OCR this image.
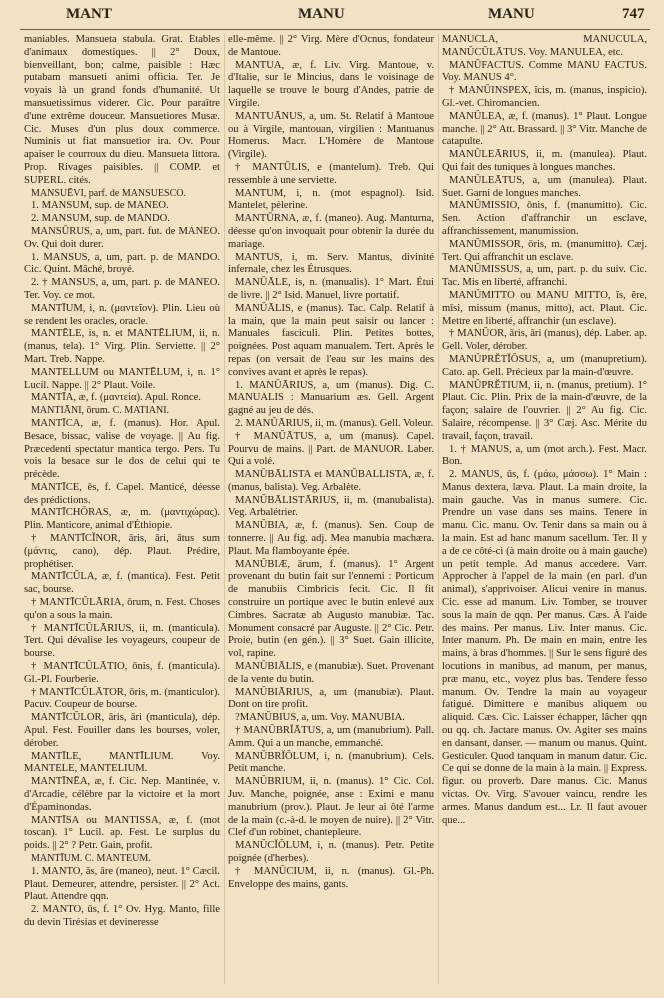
MANT	MANU	MANU	747

maniables. Mansueta stabula. Grat. Étables d'animaux domestiques. || 2° Doux, bienveillant, bon; calme, paisible : Hæc putabam mansueti animi officia. Ter. Je voyais là un grand fonds d'humanité. Ut mansuetissimus viderer. Cic. Pour paraître d'une extrême douceur. Mansuetiores Musæ. Cic. Muses d'un plus doux commerce. Numinis ut fiat mansuetior ira. Ov. Pour apaiser le courroux du dieu. Mansueta littora. Prop. Rivages paisibles. || COMP. et SUPERL. cités.

MANSUĒVI, parf. de MANSUESCO.

1. MANSUM, sup. de MANEO.

2. MANSUM, sup. de MANDO.

MANSŪRUS, a, um, part. fut. de MANEO. Ov. Qui doit durer.

1. MANSUS, a, um, part. p. de MANDO. Cic. Quint. Mâché, broyé.

2. † MANSUS, a, um, part. p. de MANEO. Ter. Voy. ce mot.

MANTĪUM, i, n. (μαντεῖον). Plin. Lieu où se rendent les oracles, oracle.

MANTĒLE, is, n. et MANTĒLIUM, ii, n. (manus, tela). 1° Virg. Plin. Serviette. || 2° Mart. Treb. Nappe.

MANTELLUM ou MANTĒLUM, i, n. 1° Lucil. Nappe. || 2° Plaut. Voile.

MANTĪA, æ, f. (μαντεία). Apul. Ronce.

MANTIĀNI, ōrum. C. MATIANI.

MANTĪCA, æ, f. (manus). Hor. Apul. Besace, bissac, valise de voyage. || Au fig. Præcedenti spectatur mantica tergo. Pers. Tu vois la besace sur le dos de celui qui te précède.

MANTĪCE, ēs, f. Capel. Manticé, déesse des prédictions.

MANTĪCHŌRAS, æ, m. (μαντιχώρας). Plin. Manticore, animal d'Éthiopie.

† MANTĪCĬNOR, āris, āri, ātus sum (μάντις, cano), dép. Plaut. Prédire, prophétiser.

MANTĪCŬLA, æ, f. (mantica). Fest. Petit sac, bourse.

† MANTĪCŬLĀRIA, ōrum, n. Fest. Choses qu'on a sous la main.

† MANTĪCŬLĀRIUS, ii, m. (manticula). Tert. Qui dévalise les voyageurs, coupeur de bourse.

† MANTĪCŬLĀTIO, ōnis, f. (manticula). Gl.-Pl. Fourberie.

† MANTĪCŬLĀTOR, ōris, m. (manticulor). Pacuv. Coupeur de bourse.

MANTĪCŬLOR, āris, āri (manticula), dép. Apul. Fest. Fouiller dans les bourses, voler, dérober.

MANTĪLE, MANTĪLIUM. Voy. MANTELE, MANTELIUM.

MANTĪNĒA, æ, f. Cic. Nep. Mantinée, v. d'Arcadie, célèbre par la victoire et la mort d'Épaminondas.

MANTĪSA ou MANTISSA, æ, f. (mot toscan). 1° Lucil. ap. Fest. Le surplus du poids. || 2° ? Petr. Gain, profit.

MANTĪUM. C. MANTEUM.

1. MANTO, ās, āre (maneo), neut. 1° Cæcil. Plaut. Demeurer, attendre, persister. || 2° Act. Plaut. Attendre qqn.

2. MANTO, ūs, f. 1° Ov. Hyg. Manto, fille du devin Tirésias et devineresse

elle-même. || 2° Virg. Mère d'Ocnus, fondateur de Mantoue.

MANTUA, æ, f. Liv. Virg. Mantoue, v. d'Italie, sur le Mincius, dans le voisinage de laquelle se trouve le bourg d'Andes, patrie de Virgile.

MANTUĀNUS, a, um. St. Relatif à Mantoue ou à Virgile, mantouan, virgilien : Mantuanus Homerus. Macr. L'Homère de Mantoue (Virgile).

† MANTŪLIS, e (mantelum). Treb. Qui ressemble à une serviette.

MANTUM, i, n. (mot espagnol). Isid. Mantelet, pèlerine.

MANTŪRNA, æ, f. (maneo). Aug. Manturna, déesse qu'on invoquait pour obtenir la durée du mariage.

MANTUS, i, m. Serv. Mantus, divinité infernale, chez les Étrusques.

MANŬĀLE, is, n. (manualis). 1° Mart. Étui de livre. || 2° Isid. Manuel, livre portatif.

MANŬĀLIS, e (manus). Tac. Calp. Relatif à la main, que la main peut saisir ou lancer : Manuales fasciculi. Plin. Petites bottes, poignées. Post aquam manualem. Tert. Après le repas (on versait de l'eau sur les mains des convives avant et après le repas).

1. MANŬĀRIUS, a, um (manus). Dig. C. MANUALIS : Manuarium æs. Gell. Argent gagné au jeu de dés.

2. MANŬĀRIUS, ii, m. (manus). Gell. Voleur.

† MANŬĀTUS, a, um (manus). Capel. Pourvu de mains. || Part. de MANUOR. Laber. Qui a volé.

MANŬBĀLISTA et MANŬBALLISTA, æ, f. (manus, balista). Veg. Arbalète.

MANŬBĀLISTĀRIUS, ii, m. (manubalista). Veg. Arbalétrier.

MANŬBIA, æ, f. (manus). Sen. Coup de tonnerre. || Au fig. adj. Mea manubia machæra. Plaut. Ma flamboyante épée.

MANŬBIÆ, ārum, f. (manus). 1° Argent provenant du butin fait sur l'ennemi : Porticum de manubiis Cimbricis fecit. Cic. Il fit construire un portique avec le butin enlevé aux Cimbres. Sacratæ ab Augusto manubiæ. Tac. Monument consacré par Auguste. || 2° Cic. Petr. Proie, butin (en gén.). || 3° Suet. Gain illicite, vol, rapine.

MANŬBIĀLIS, e (manubiæ). Suet. Provenant de la vente du butin.

MANŬBIĀRIUS, a, um (manubiæ). Plaut. Dont on tire profit.

?MANŬBIUS, a, um. Voy. MANUBIA.

† MANŬBRĬĀTUS, a, um (manubrium). Pall. Amm. Qui a un manche, emmanché.

MANŬBRĬŎLUM, i, n. (manubrium). Cels. Petit manche.

MANŬBRIUM, ii, n. (manus). 1° Cic. Col. Juv. Manche, poignée, anse : Eximi e manu manubrium (prov.). Plaut. Je leur ai ôté l'arme de la main (c.-à-d. le moyen de nuire). || 2° Vitr. Clef d'un robinet, chantepleure.

MANŬCĬŎLUM, i, n. (manus). Petr. Petite poignée (d'herbes).

† MANŬCIUM, ii, n. (manus). Gl.-Ph. Enveloppe des mains, gants.

MANŬCLA, MANŬCŬLA, MANŬCŬLĀTUS. Voy. MANULEA, etc.

MANŬFACTUS. Comme MANU FACTUS. Voy. MANUS 4°.

† MANŬINSPEX, ĭcis, m. (manus, inspicio). Gl.-vet. Chiromancien.

MANŬLEA, æ, f. (manus). 1° Plaut. Longue manche. || 2° Att. Brassard. || 3° Vitr. Manche de catapulte.

MANŬLEĀRIUS, ii, m. (manulea). Plaut. Qui fait des tuniques à longues manches.

MANŬLEĀTUS, a, um (manulea). Plaut. Suet. Garni de longues manches.

MANŬMISSIO, ōnis, f. (manumitto). Cic. Sen. Action d'affranchir un esclave, affranchissement, manumission.

MANŬMISSOR, ōris, m. (manumitto). Cæj. Tert. Qui affranchit un esclave.

MANŬMISSUS, a, um, part. p. du suiv. Cic. Tac. Mis en liberté, affranchi.

MANŬMITTO ou MANU MITTO, ĭs, ĕre, mīsi, missum (manus, mitto), act. Plaut. Cic. Mettre en liberté, affranchir (un esclave).

† MANŬOR, āris, āri (manus), dép. Laber. ap. Gell. Voler, dérober.

MANŬPRĔTĬŌSUS, a, um (manupretium). Cato. ap. Gell. Précieux par la main-d'œuvre.

MANŬPRĔTIUM, ii, n. (manus, pretium). 1° Plaut. Cic. Plin. Prix de la main-d'œuvre, de la façon; salaire de l'ouvrier. || 2° Au fig. Cic. Salaire, récompense. || 3° Cæj. Asc. Mérite du travail, façon, travail.

1. † MANUS, a, um (mot arch.). Fest. Macr. Bon.

2. MANUS, ūs, f. (μάω, μάσσω). 1° Main : Manus dextera, læva. Plaut. La main droite, la main gauche. Vas in manus sumere. Cic. Prendre un vase dans ses mains. Tenere in manu. Cic. manu. Ov. Tenir dans sa main ou à la main. Est ad hanc manum sacellum. Ter. Il y a de ce côté-ci (à main droite ou à main gauche) un petit temple. Ad manus accedere. Varr. Approcher à l'appel de la main (en parl. d'un animal), s'apprivoiser. Alicui venire in manus. Cic. esse ad manum. Liv. Tomber, se trouver sous la main de qqn. Per manus. Cæs. À l'aide des mains. Per manus. Liv. Inter manus. Cic. Inter manum. Ph. De main en main, entre les mains, à bras d'hommes. || Sur le sens figuré des locutions in manibus, ad manum, per manus, præ manu, etc., voyez plus bas. Tendere fesso manum. Ov. Tendre la main au voyageur fatigué. Dimittere e manibus aliquem ou aliquid. Cæs. Cic. Laisser échapper, lâcher qqn ou qq. ch. Jactare manus. Ov. Agiter ses mains en dansant, danser. — manum ou manus. Quint. Gesticuler. Quod tanquam in manum datur. Cic. Ce qui se donne de la main à la main. || Express. figur. ou proverb. Dare manus. Cic. Manus victas. Ov. Virg. S'avouer vaincu, rendre les armes. Manus dandum est... Lr. Il faut avouer que...
